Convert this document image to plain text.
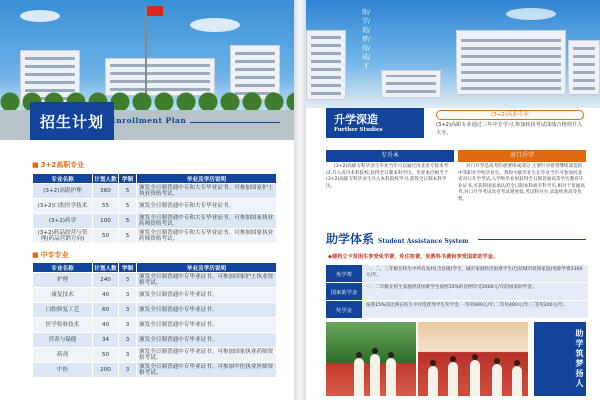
招生计划 Enrollment Plan
■ 3+2高职专业
专业名称	计划人数	学制	毕业及学历说明
(3+2)高职护理	360	5	颁发全日制普通中专和大专毕业证书。可参加国家护士执业资格考试。
(3+2)口腔医学技术	55	5	颁发全日制普通中专和大专毕业证书。
(3+2)药学	100	5	颁发全日制普通中专和大专毕业证书。可参加国家执业药师资格考试。
(3+2)药品经营与管理(药品营销方向)	50	5	颁发全日制普通中专和大专毕业证书。可参加国家执业药师资格考试。
■ 中专专业
专业名称	计划人数	学制	毕业及学历说明
护理	240	3	颁发全日制普通中专毕业证书。可参加国家护士执业资格考试。
康复技术	40	3	颁发全日制普通中专毕业证书。
口腔修复工艺	60	3	颁发全日制普通中专毕业证书。
医学检验技术	40	3	颁发全日制普通中专毕业证书。
营养与保健	34	3	颁发全日制普通中专毕业证书。
药剂	50	3	颁发全日制普通中专毕业证书。可参加国家执业药师资格考试。
中医	200	3	颁发全日制普通中专毕业证书。可参加中医执业医师资格考试。
助/学/追/梦/技/成/才
升学深造
Further Studies
(3+2)高职专业
(3+2)高职专业通过三年中专学习,参加转段考试成绩合格则升入大专。
专升本	对口升学
(3+2)高职专科毕业生毕业当年可以通过河北省专接本考试,升入省内本科院校,获得全日制本科学历。毕业本层相当于(3+2)高职专科毕业生升入本科院校学习,获得全日制本科学历。
对口升学是高考的重要组成部分,主要针对希望继续深造的中等职业学校毕业生。我校中职毕业生在毕业当年可参加河北省对口升学考试,入学和毕业时获得全日制普通高等学历教育毕业证书,可获得国家承认的全日制本科或专科学历,相对于普通高考,对口升学考试具有考试难度低,考试科目少,录取机率高等优势。
助学体系 Student Assistance System
◆建档立卡贫困生享受免学费、免住宿费、免教科书费和享受国家助学金。
免学费
一、二、三年级在校生中所有农村(含县镇)学生、城市家庭经济困难学生(包括城市低保家庭)免除学费2300元/年。
国家助学金
一、二年级在校生家庭经济困难学生按照15%的比例享受2000元/年的国家助学金。
奖学金
按照15%的比例在校生中评选优秀学生奖学金,一等奖600元/年;二等奖400元/年;三等奖200元/年。
助学筑梦扬人
